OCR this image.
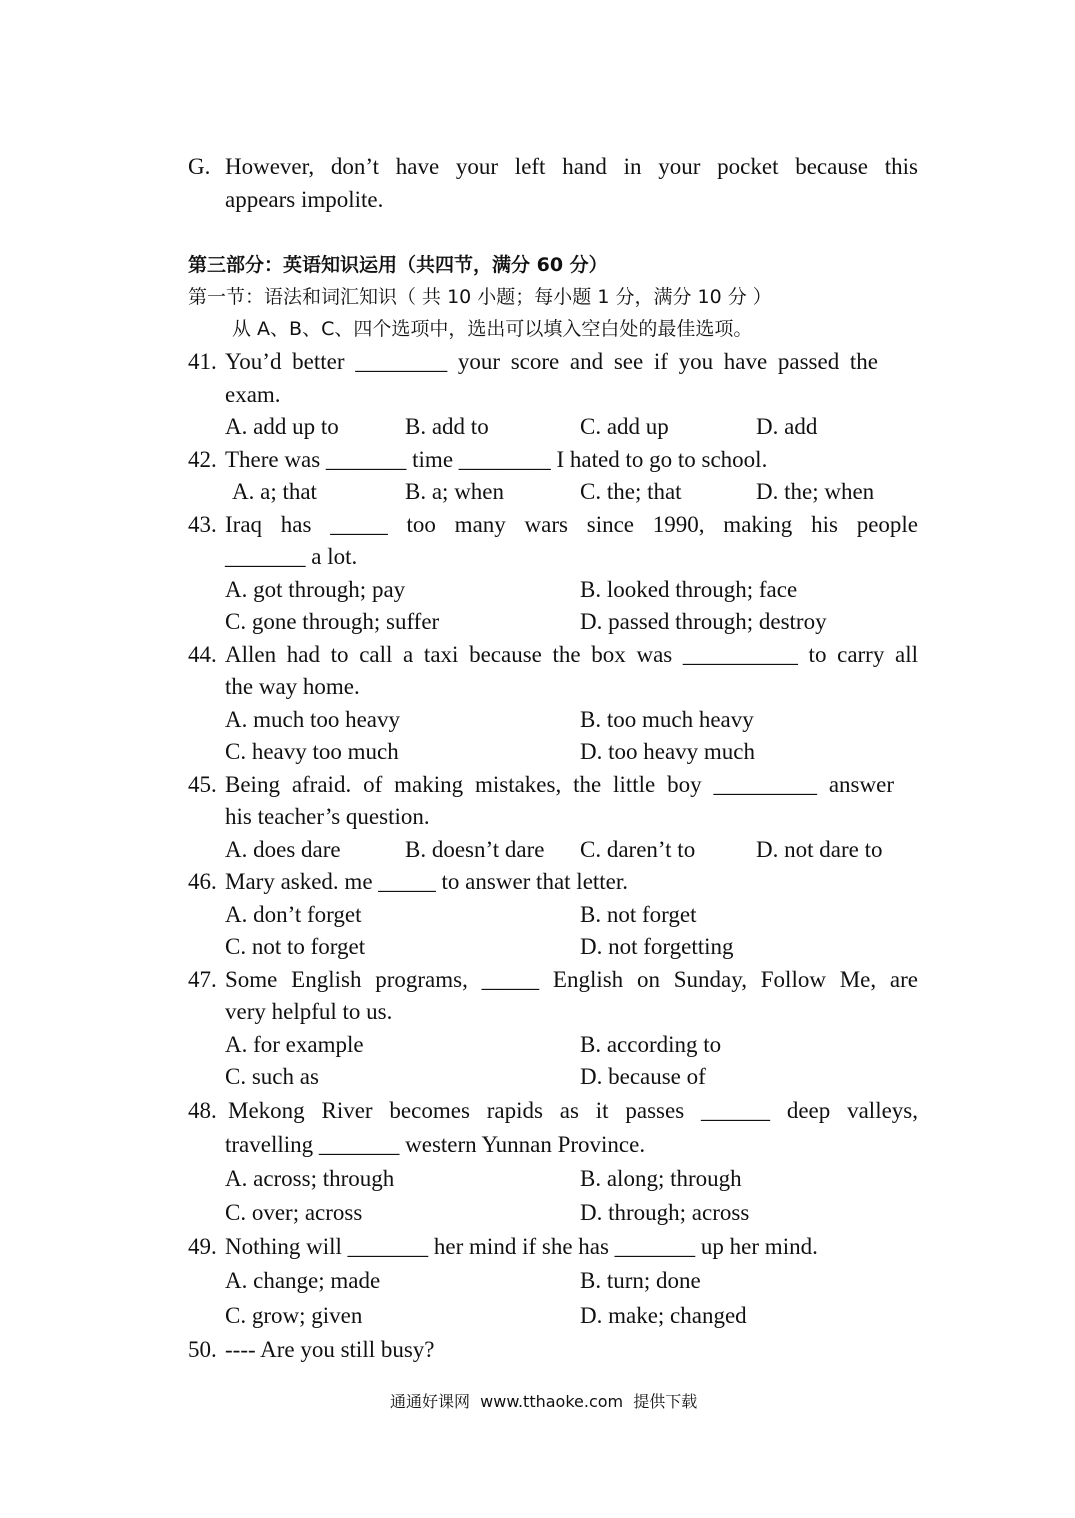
G. However, don’t have your left hand in your pocket because this
appears impolite.
第三部分：英语知识运用（共四节，满分 60 分）
第一节：语法和词汇知识（ 共 10 小题；每小题 1 分，满分 10 分 ）
从 A、B、C、四个选项中，选出可以填入空白处的最佳选项。
41. You’d better ________ your score and see if you have passed the
exam.
A. add up to	B. add to	C. add up	D. add
42. There was _______ time ________ I hated to go to school.
A. a; that	B. a; when	C. the; that	D. the; when
43. Iraq has _____ too many wars since 1990, making his people
_______ a lot.
A. got through; pay	B. looked through; face
C. gone through; suffer	D. passed through; destroy
44. Allen had to call a taxi because the box was __________ to carry all
the way home.
A. much too heavy	B. too much heavy
C. heavy too much	D. too heavy much
45. Being afraid. of making mistakes, the little boy _________ answer
his teacher’s question.
A. does dare	B. doesn’t dare C. daren’t to	D. not dare to
46. Mary asked. me _____ to answer that letter.
A. don’t forget	B. not forget
C. not to forget	D. not forgetting
47. Some English programs, _____ English on Sunday, Follow Me, are
very helpful to us.
A. for example	B. according to
C. such as	D. because of
48. Mekong River becomes rapids as it passes ______ deep valleys,
travelling _______ western Yunnan Province.
A. across; through	B. along; through
C. over; across	D. through; across
49. Nothing will _______ her mind if she has _______ up her mind.
A. change; made	B. turn; done
C. grow; given	D. make; changed
50. ---- Are you still busy?
通通好课网  www.tthaoke.com  提供下载
